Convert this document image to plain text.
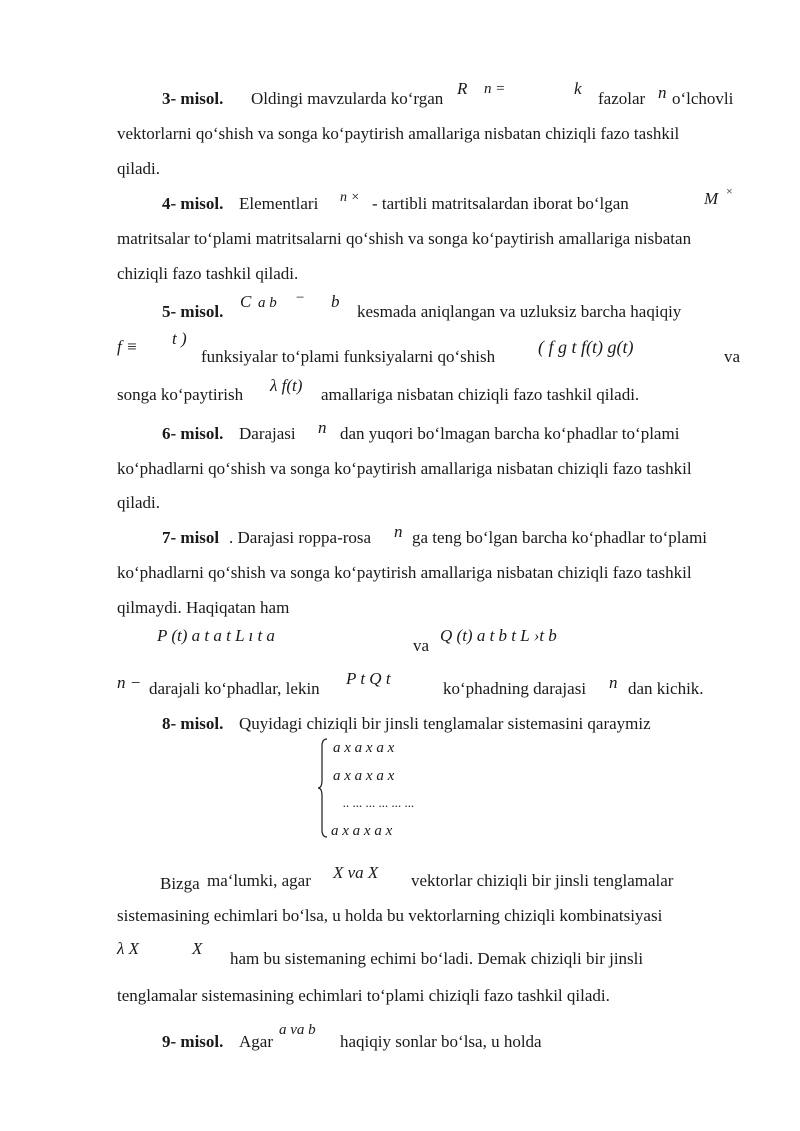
3- misol. Oldingi mavzularda ko‘rgan
R n =	k
fazolar n o‘lchovli
vektorlarni qo‘shish va songa ko‘paytirish amallariga nisbatan chiziqli fazo tashkil
qiladi.
4- misol. Elementlari n × - tartibli matritsalardan iborat bo‘lgan	M ×
matritsalar to‘plami matritsalarni qo‘shish va songa ko‘paytirish amallariga nisbatan
chiziqli fazo tashkil qiladi.
5- misol.
C a b − b
kesmada aniqlangan va uzluksiz barcha haqiqiy
f ≡ t )
funksiyalar to‘plami funksiyalarni qo‘shish ( f g t f(t) g(t)	va
songa ko‘paytirish λ f(t) amallariga nisbatan chiziqli fazo tashkil qiladi.
6- misol. Darajasi n dan yuqori bo‘lmagan barcha ko‘phadlar to‘plami
ko‘phadlarni qo‘shish va songa ko‘paytirish amallariga nisbatan chiziqli fazo tashkil
qiladi.
7- misol . Darajasi roppa-rosa n ga teng bo‘lgan barcha ko‘phadlar to‘plami
ko‘phadlarni qo‘shish va songa ko‘paytirish amallariga nisbatan chiziqli fazo tashkil
qilmaydi. Haqiqatan ham
P (t) a t a t L ı t a
va
Q (t) a t b t L ›t b
n − darajali ko‘phadlar, lekin
P t Q t
ko‘phadning darajasi n dan kichik.
8- misol. Quyidagi chiziqli bir jinsli tenglamalar sistemasini qaraymiz
a x a x a x
a x a x a x
.. ... ... ... ... ...
a x a x a x
Bizga ma‘lumki, agar X va X vektorlar chiziqli bir jinsli tenglamalar
sistemasining echimlari bo‘lsa, u holda bu vektorlarning chiziqli kombinatsiyasi
λ X	X
ham bu sistemaning echimi bo‘ladi. Demak chiziqli bir jinsli
tenglamalar sistemasining echimlari to‘plami chiziqli fazo tashkil qiladi.
9- misol. Agar
a va b
haqiqiy sonlar bo‘lsa, u holda
